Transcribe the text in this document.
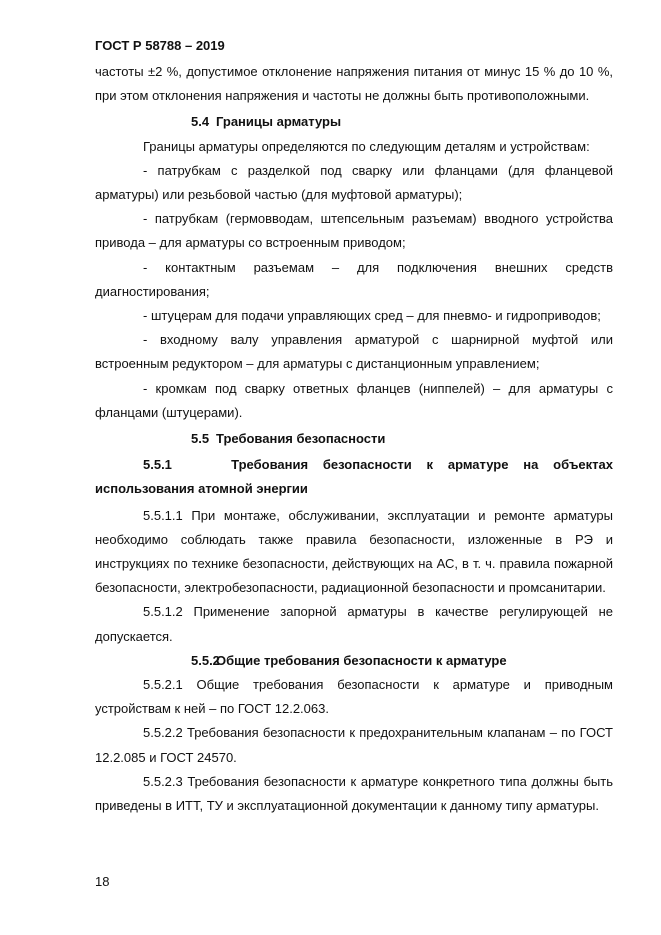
ГОСТ Р 58788 – 2019

частоты ±2 %, допустимое отклонение напряжения питания от минус 15 % до 10 %, при этом отклонения напряжения и частоты не должны быть противоположными.

5.4 Границы арматуры

Границы арматуры определяются по следующим деталям и устройствам:

- патрубкам с разделкой под сварку или фланцами (для фланцевой арматуры) или резьбовой частью (для муфтовой арматуры);

- патрубкам (гермовводам, штепсельным разъемам) вводного устройства привода – для арматуры со встроенным приводом;

- контактным разъемам – для подключения внешних средств диагностирования;

- штуцерам для подачи управляющих сред – для пневмо- и гидроприводов;

- входному валу управления арматурой с шарнирной муфтой или встроенным редуктором – для арматуры с дистанционным управлением;

- кромкам под сварку ответных фланцев (ниппелей) – для арматуры с фланцами (штуцерами).

5.5 Требования безопасности

5.5.1	Требования безопасности к арматуре на объектах использования атомной энергии

5.5.1.1 При монтаже, обслуживании, эксплуатации и ремонте арматуры необходимо соблюдать также правила безопасности, изложенные в РЭ и инструкциях по технике безопасности, действующих на АС, в т. ч. правила пожарной безопасности, электробезопасности, радиационной безопасности и промсанитарии.

5.5.1.2 Применение запорной арматуры в качестве регулирующей не допускается.

5.5.2Общие требования безопасности к арматуре

5.5.2.1 Общие требования безопасности к арматуре и приводным устройствам к ней – по ГОСТ 12.2.063.

5.5.2.2 Требования безопасности к предохранительным клапанам – по ГОСТ 12.2.085 и ГОСТ 24570.

5.5.2.3 Требования безопасности к арматуре конкретного типа должны быть приведены в ИТТ, ТУ и эксплуатационной документации к данному типу арматуры.

18
